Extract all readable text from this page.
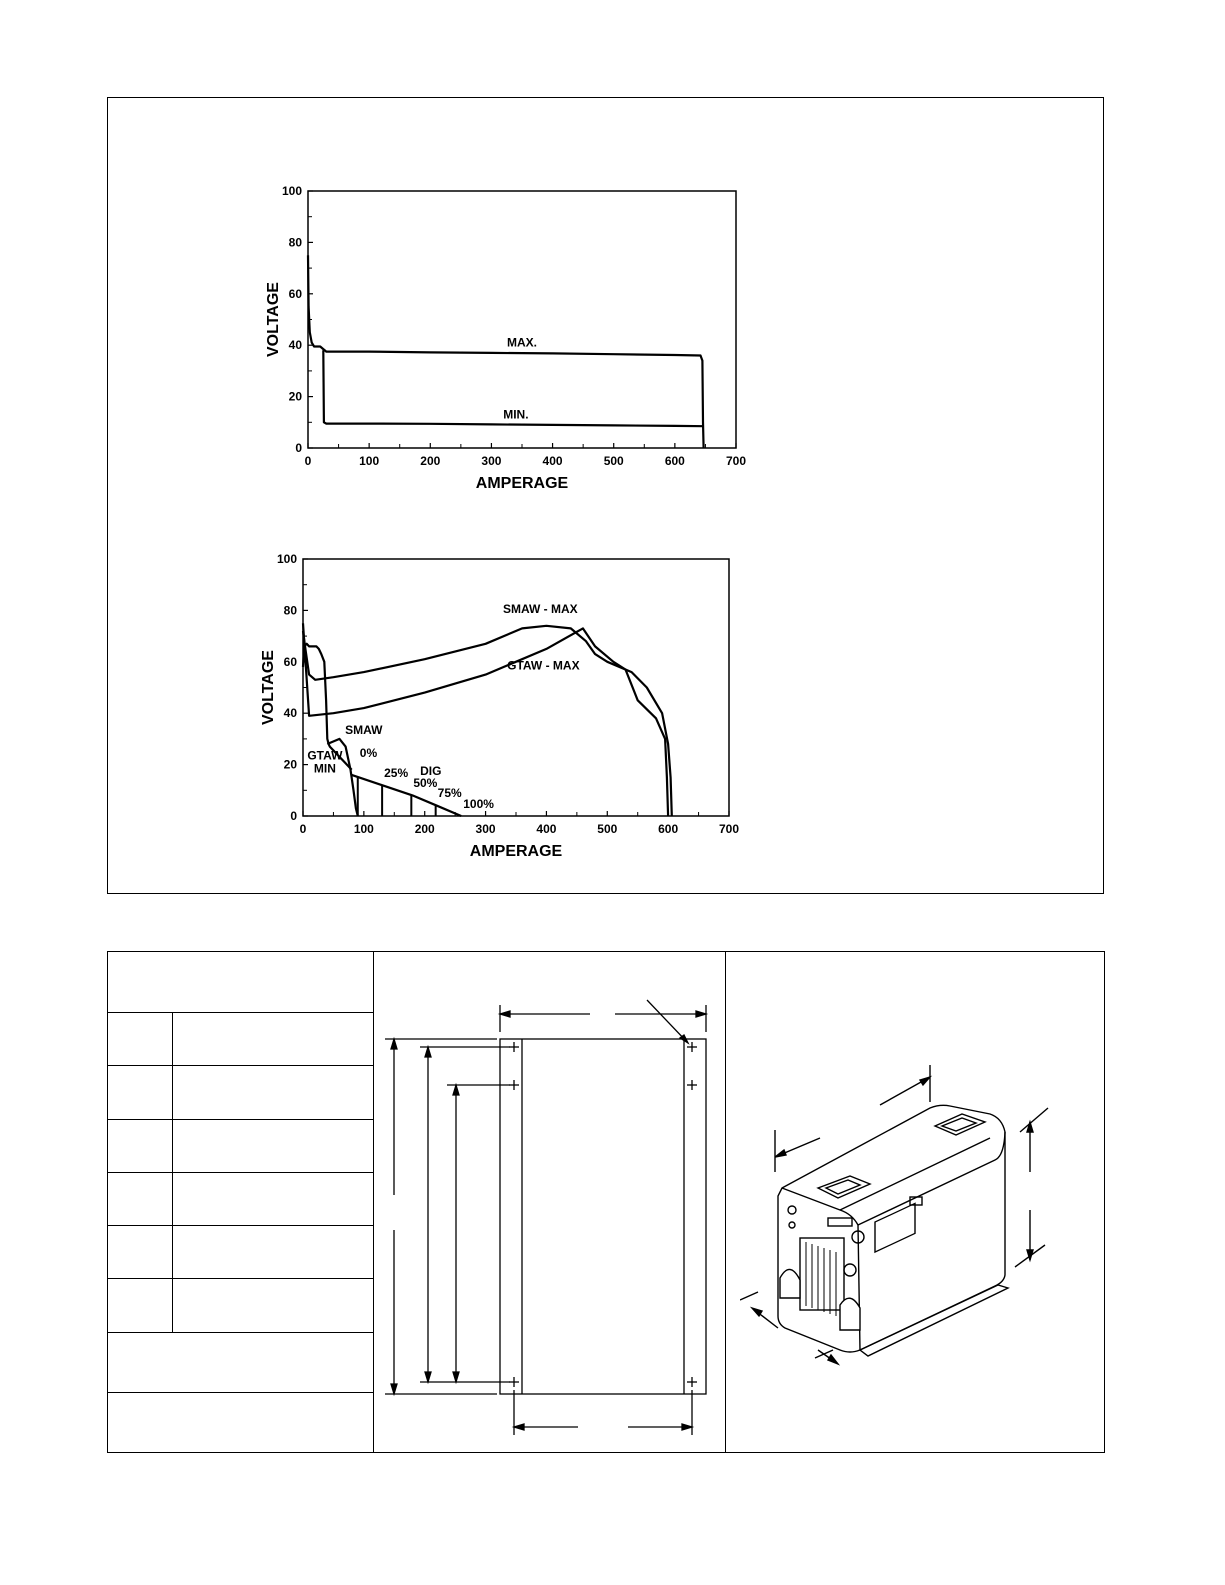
0	100	200	300	400	500	600	700
0
20
40
60
80
100
AMPERAGE
VOLTAGE	MAX.
MIN.
0	100	200	300	400	500	600	700
0
20
40
60
80
100
AMPERAGE
VOLTAGE
SMAW - MAX
GTAW - MAX
SMAW
GTAW
MIN	DIG
0%
25%
50%
75%
100%
